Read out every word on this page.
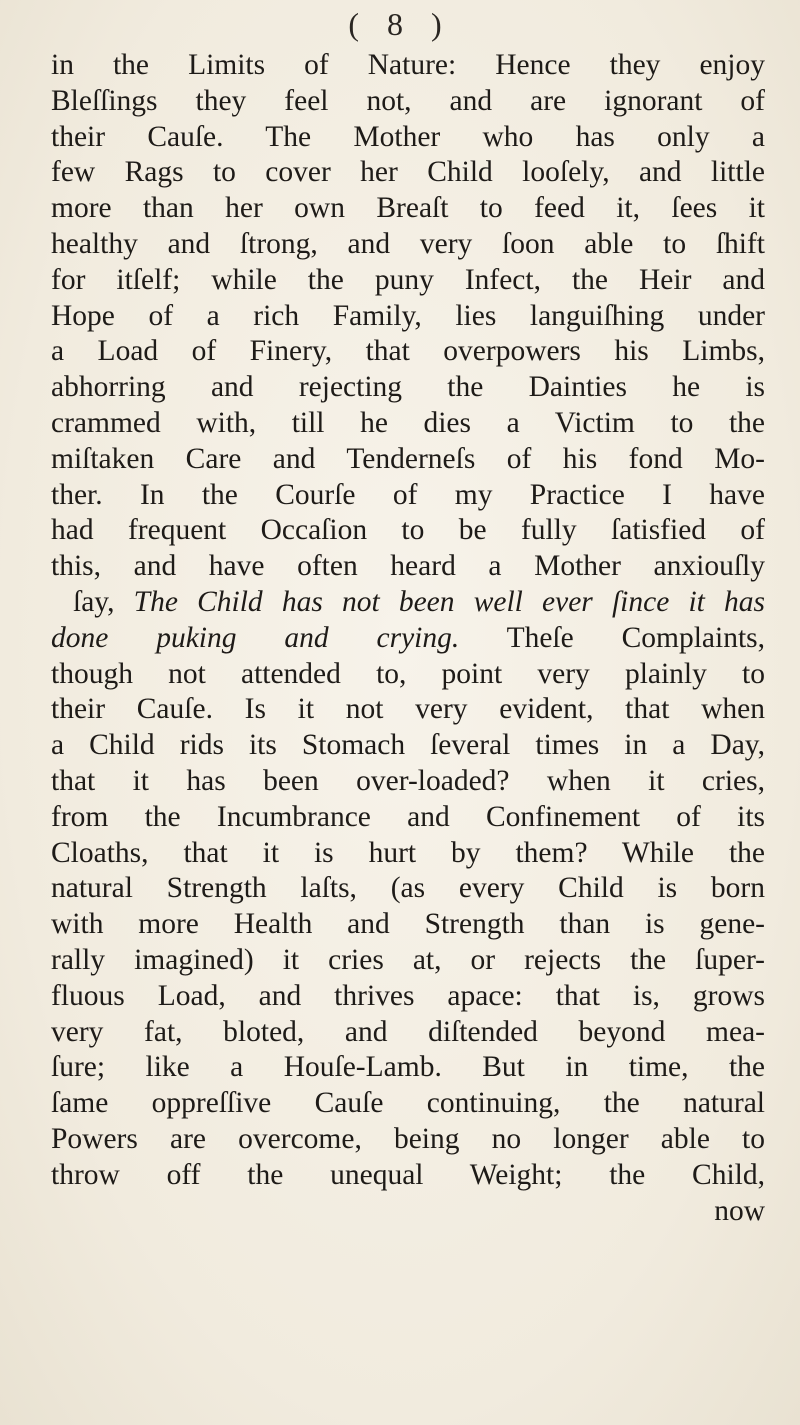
( 8 )
in the Limits of Nature: Hence they enjoy
Bleſſings they feel not, and are ignorant of
their Cauſe. The Mother who has only a
few Rags to cover her Child looſely, and little
more than her own Breaſt to feed it, ſees it
healthy and ſtrong, and very ſoon able to ſhift
for itſelf; while the puny Infect, the Heir and
Hope of a rich Family, lies languiſhing under
a Load of Finery, that overpowers his Limbs,
abhorring and rejecting the Dainties he is
crammed with, till he dies a Victim to the
miſtaken Care and Tenderneſs of his fond Mo-
ther. In the Courſe of my Practice I have
had frequent Occaſion to be fully ſatisfied of
this, and have often heard a Mother anxiouſly
ſay, The Child has not been well ever ſince it has
done puking and crying. Theſe Complaints,
though not attended to, point very plainly to
their Cauſe. Is it not very evident, that when
a Child rids its Stomach ſeveral times in a Day,
that it has been over-loaded? when it cries,
from the Incumbrance and Confinement of its
Cloaths, that it is hurt by them? While the
natural Strength laſts, (as every Child is born
with more Health and Strength than is gene-
rally imagined) it cries at, or rejects the ſuper-
fluous Load, and thrives apace: that is, grows
very fat, bloted, and diſtended beyond mea-
ſure; like a Houſe-Lamb. But in time, the
ſame oppreſſive Cauſe continuing, the natural
Powers are overcome, being no longer able to
throw off the unequal Weight; the Child,
now
